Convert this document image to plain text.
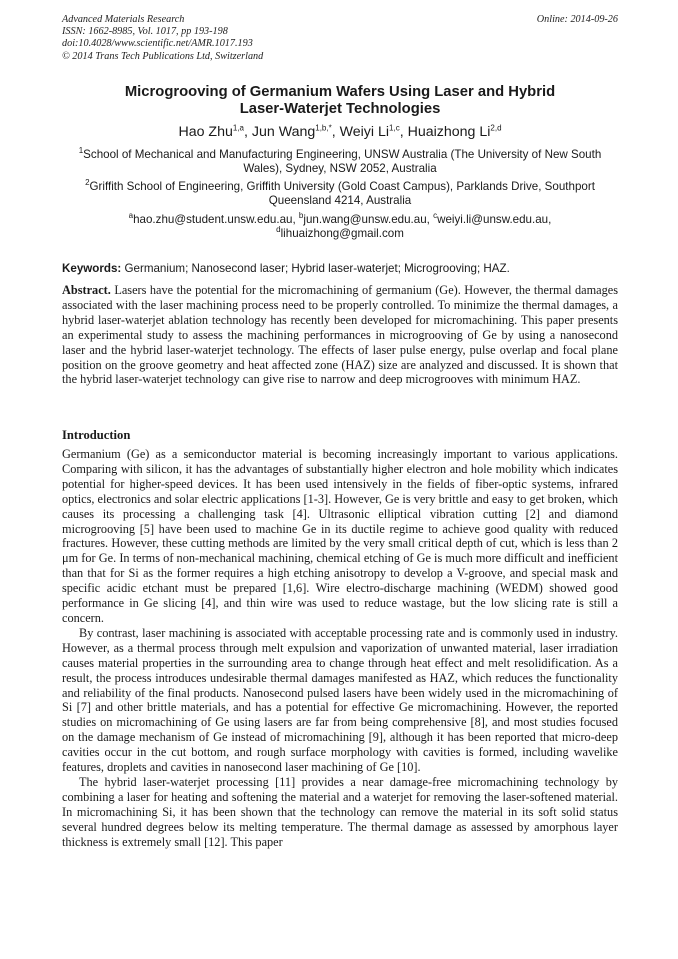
Advanced Materials Research	Online: 2014-09-26
ISSN: 1662-8985, Vol. 1017, pp 193-198
doi:10.4028/www.scientific.net/AMR.1017.193
© 2014 Trans Tech Publications Ltd, Switzerland
Microgrooving of Germanium Wafers Using Laser and Hybrid
Laser-Waterjet Technologies
Hao Zhu$^{1,a}$, Jun Wang$^{1,b,*}$, Weiyi Li$^{1,c}$, Huaizhong Li$^{2,d}$
$^1$School of Mechanical and Manufacturing Engineering, UNSW Australia (The University of New South Wales), Sydney, NSW 2052, Australia
$^2$Griffith School of Engineering, Griffith University (Gold Coast Campus), Parklands Drive, Southport Queensland 4214, Australia
$^a$hao.zhu@student.unsw.edu.au, $^b$jun.wang@unsw.edu.au, $^c$weiyi.li@unsw.edu.au,
$^d$lihuaizhong@gmail.com
Keywords: Germanium; Nanosecond laser; Hybrid laser-waterjet; Microgrooving; HAZ.
Abstract. Lasers have the potential for the micromachining of germanium (Ge). However, the thermal damages associated with the laser machining process need to be properly controlled. To minimize the thermal damages, a hybrid laser-waterjet ablation technology has recently been developed for micromachining. This paper presents an experimental study to assess the machining performances in microgrooving of Ge by using a nanosecond laser and the hybrid laser-waterjet technology. The effects of laser pulse energy, pulse overlap and focal plane position on the groove geometry and heat affected zone (HAZ) size are analyzed and discussed. It is shown that the hybrid laser-waterjet technology can give rise to narrow and deep microgrooves with minimum HAZ.
Introduction

Germanium (Ge) as a semiconductor material is becoming increasingly important to various applications. Comparing with silicon, it has the advantages of substantially higher electron and hole mobility which indicates potential for higher-speed devices. It has been used intensively in the fields of fiber-optic systems, infrared optics, electronics and solar electric applications [1-3]. However, Ge is very brittle and easy to get broken, which causes its processing a challenging task [4]. Ultrasonic elliptical vibration cutting [2] and diamond microgrooving [5] have been used to machine Ge in its ductile regime to achieve good quality with reduced fractures. However, these cutting methods are limited by the very small critical depth of cut, which is less than 2 μm for Ge. In terms of non-mechanical machining, chemical etching of Ge is much more difficult and inefficient than that for Si as the former requires a high etching anisotropy to develop a V-groove, and special mask and specific acidic etchant must be prepared [1,6]. Wire electro-discharge machining (WEDM) showed good performance in Ge slicing [4], and thin wire was used to reduce wastage, but the low slicing rate is still a concern.

By contrast, laser machining is associated with acceptable processing rate and is commonly used in industry. However, as a thermal process through melt expulsion and vaporization of unwanted material, laser irradiation causes material properties in the surrounding area to change through heat effect and melt resolidification. As a result, the process introduces undesirable thermal damages manifested as HAZ, which reduces the functionality and reliability of the final products. Nanosecond pulsed lasers have been widely used in the micromachining of Si [7] and other brittle materials, and has a potential for effective Ge micromachining. However, the reported studies on micromachining of Ge using lasers are far from being comprehensive [8], and most studies focused on the damage mechanism of Ge instead of micromachining [9], although it has been reported that micro-deep cavities occur in the cut bottom, and rough surface morphology with cavities is formed, including wavelike features, droplets and cavities in nanosecond laser machining of Ge [10].

The hybrid laser-waterjet processing [11] provides a near damage-free micromachining technology by combining a laser for heating and softening the material and a waterjet for removing the laser-softened material. In micromachining Si, it has been shown that the technology can remove the material in its soft solid status several hundred degrees below its melting temperature. The thermal damage as assessed by amorphous layer thickness is extremely small [12]. This paper
